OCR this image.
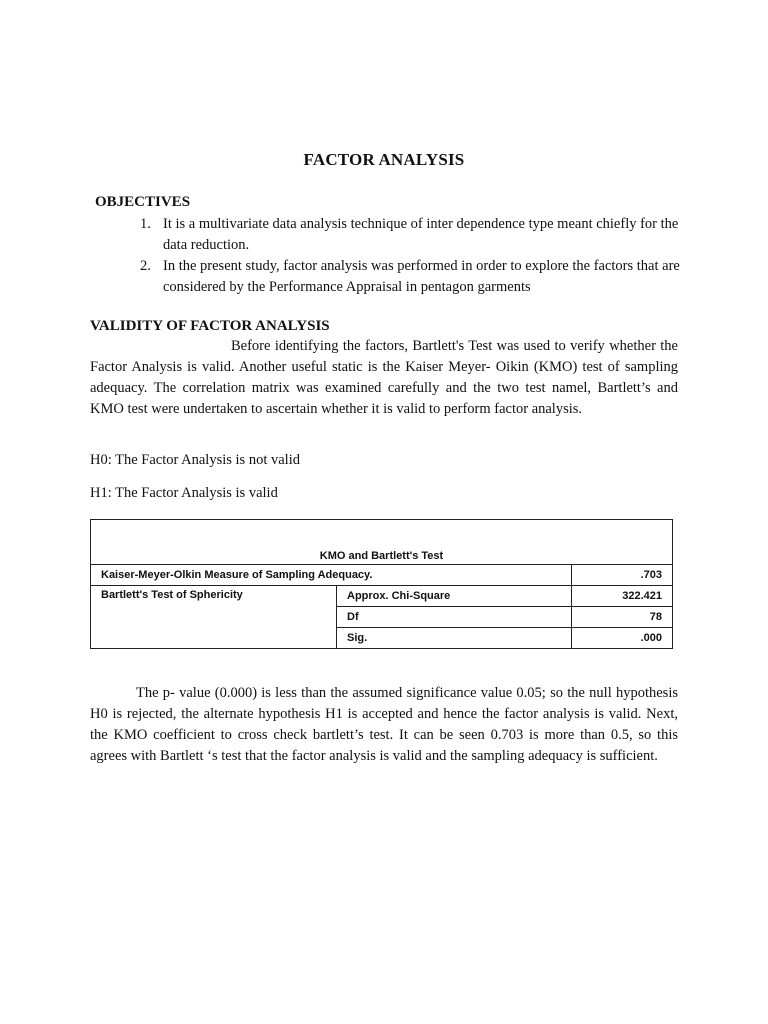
FACTOR ANALYSIS
OBJECTIVES
1. It is a multivariate data analysis technique of inter dependence type meant chiefly for the data reduction.
2. In the present study, factor analysis was performed in order to explore the factors that are considered by the Performance Appraisal in pentagon garments
VALIDITY OF FACTOR ANALYSIS
Before identifying the factors, Bartlett's Test was used to verify whether the Factor Analysis is valid. Another useful static is the Kaiser Meyer- Oikin (KMO) test of sampling adequacy. The correlation matrix was examined carefully and the two test namel, Bartlett’s and KMO test were undertaken to ascertain whether it is valid to perform factor analysis.
H0: The Factor Analysis is not valid
H1: The Factor Analysis is valid
KMO and Bartlett's Test		
Kaiser-Meyer-Olkin Measure of Sampling Adequacy.		.703
Bartlett's Test of Sphericity	Approx. Chi-Square	322.421
	Df	78
	Sig.	.000
The p- value (0.000) is less than the assumed significance value 0.05; so the null hypothesis H0 is rejected, the alternate hypothesis H1 is accepted and hence the factor analysis is valid. Next, the KMO coefficient to cross check bartlett’s test. It can be seen 0.703 is more than 0.5, so this agrees with Bartlett ‘s test that the factor analysis is valid and the sampling adequacy is sufficient.
